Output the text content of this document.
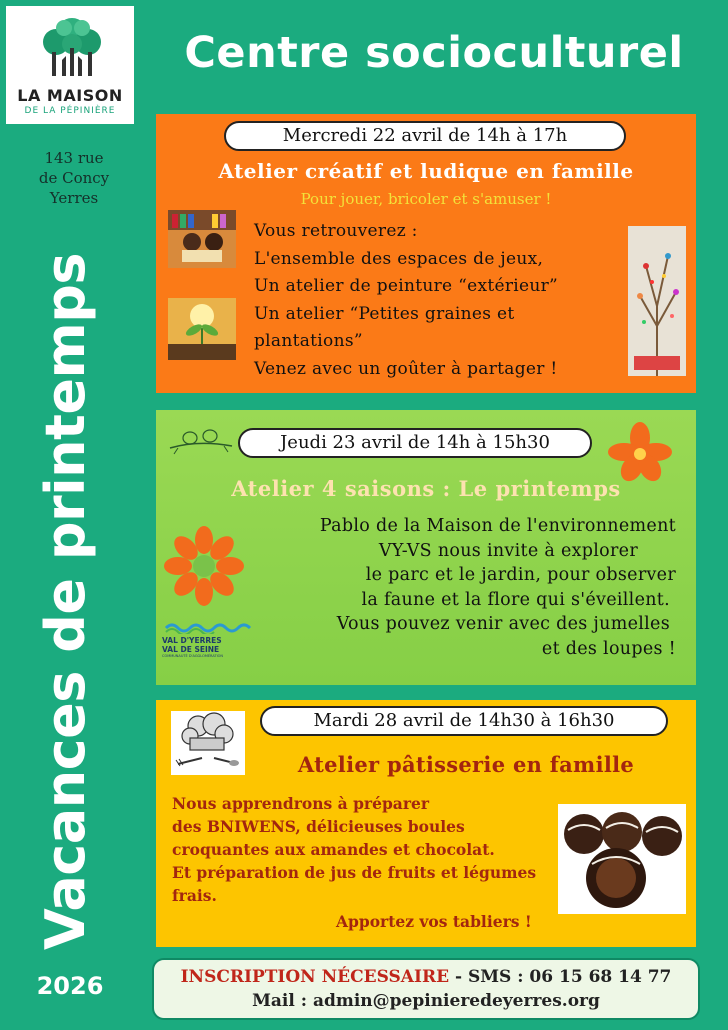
LA MAISON
DE LA PÉPINIÈRE
Centre socioculturel
143 rue
de Concy
Yerres
Vacances de printemps
2026
Mercredi 22 avril de 14h à 17h
Atelier créatif et ludique en famille
Pour jouer, bricoler et s'amuser !
Vous retrouverez :
L'ensemble des espaces de jeux,
Un atelier de peinture “extérieur”
Un atelier “Petites graines et
plantations”
Venez avec un goûter à partager !
Jeudi 23 avril de 14h à 15h30
Atelier 4 saisons : Le printemps
VAL D'YERRES
VAL DE SEINE
COMMUNAUTÉ D'AGGLOMÉRATION
Pablo de la Maison de l'environnement
VY-VS nous invite à explorer
le parc et le jardin, pour observer
la faune et la flore qui s'éveillent.
Vous pouvez venir avec des jumelles
et des loupes !
Mardi 28 avril de 14h30 à 16h30
Atelier pâtisserie en famille
Nous apprendrons à préparer
des BNIWENS, délicieuses boules
croquantes aux amandes et chocolat.
Et préparation de jus de fruits et légumes
frais.
Apportez vos tabliers !
INSCRIPTION NÉCESSAIRE - SMS : 06 15 68 14 77
Mail : admin@pepinieredeyerres.org
